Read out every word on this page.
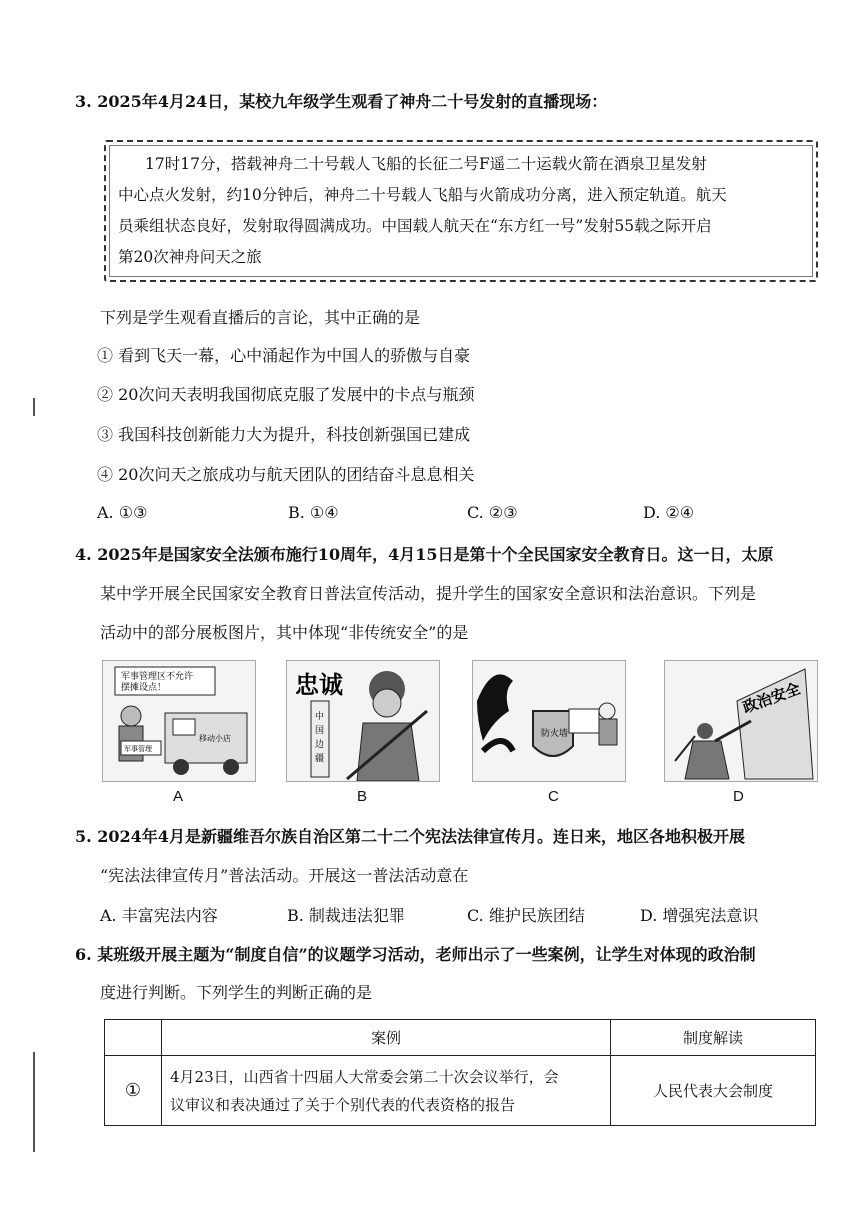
3. 2025年4月24日，某校九年级学生观看了神舟二十号发射的直播现场：
17时17分，搭载神舟二十号载人飞船的长征二号F遥二十运载火箭在酒泉卫星发射
中心点火发射，约10分钟后，神舟二十号载人飞船与火箭成功分离，进入预定轨道。航天
员乘组状态良好，发射取得圆满成功。中国载人航天在“东方红一号”发射55载之际开启
第20次神舟问天之旅
下列是学生观看直播后的言论，其中正确的是
① 看到飞天一幕，心中涌起作为中国人的骄傲与自豪
② 20次问天表明我国彻底克服了发展中的卡点与瓶颈
③ 我国科技创新能力大为提升，科技创新强国已建成
④ 20次问天之旅成功与航天团队的团结奋斗息息相关
A. ①③	B. ①④	C. ②③	D. ②④
4. 2025年是国家安全法颁布施行10周年，4月15日是第十个全民国家安全教育日。这一日，太原
某中学开展全民国家安全教育日普法宣传活动，提升学生的国家安全意识和法治意识。下列是
活动中的部分展板图片，其中体现“非传统安全”的是
军事管理区不允许
摆摊设点！
军事管理
移动小店
A
忠诚
中
国
边
疆
B
防火墙
C
政治安全
D
5. 2024年4月是新疆维吾尔族自治区第二十二个宪法法律宣传月。连日来，地区各地积极开展
“宪法法律宣传月”普法活动。开展这一普法活动意在
A. 丰富宪法内容	B. 制裁违法犯罪	C. 维护民族团结	D. 增强宪法意识
6. 某班级开展主题为“制度自信”的议题学习活动，老师出示了一些案例，让学生对体现的政治制
度进行判断。下列学生的判断正确的是
	案例	制度解读
①	4月23日，山西省十四届人大常委会第二十次会议举行，会
议审议和表决通过了关于个别代表的代表资格的报告	人民代表大会制度
